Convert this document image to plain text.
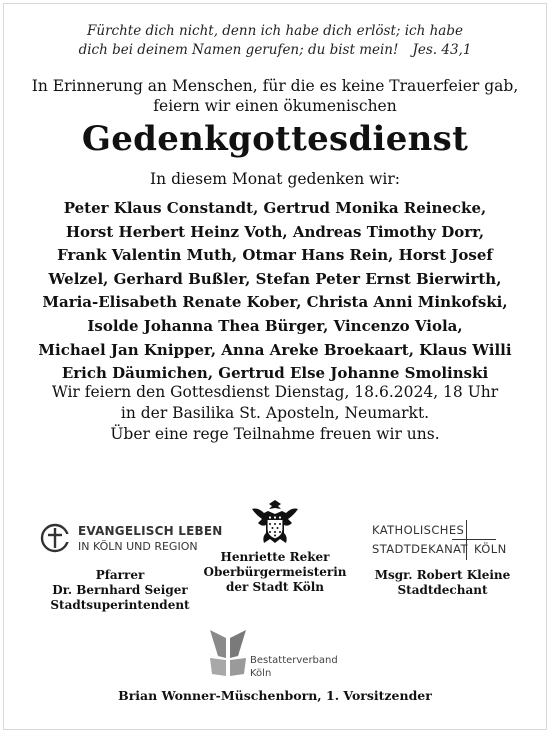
Fürchte dich nicht, denn ich habe dich erlöst; ich habe
dich bei deinem Namen gerufen; du bist mein! Jes. 43,1
In Erinnerung an Menschen, für die es keine Trauerfeier gab,
feiern wir einen ökumenischen
Gedenkgottesdienst
In diesem Monat gedenken wir:
Peter Klaus Constandt, Gertrud Monika Reinecke,
Horst Herbert Heinz Voth, Andreas Timothy Dorr,
Frank Valentin Muth, Otmar Hans Rein, Horst Josef
Welzel, Gerhard Bußler, Stefan Peter Ernst Bierwirth,
Maria-Elisabeth Renate Kober, Christa Anni Minkofski,
Isolde Johanna Thea Bürger, Vincenzo Viola,
Michael Jan Knipper, Anna Areke Broekaart, Klaus Willi
Erich Däumichen, Gertrud Else Johanne Smolinski
Wir feiern den Gottesdienst Dienstag, 18.6.2024, 18 Uhr
in der Basilika St. Aposteln, Neumarkt.
Über eine rege Teilnahme freuen wir uns.
EVANGELISCH LEBEN
IN KÖLN UND REGION
Pfarrer
Dr. Bernhard Seiger
Stadtsuperintendent
Henriette Reker
Oberbürgermeisterin
der Stadt Köln
KATHOLISCHES
STADTDEKANAT KÖLN
Msgr. Robert Kleine
Stadtdechant
Bestatterverband
Köln
Brian Wonner-Müschenborn, 1. Vorsitzender
